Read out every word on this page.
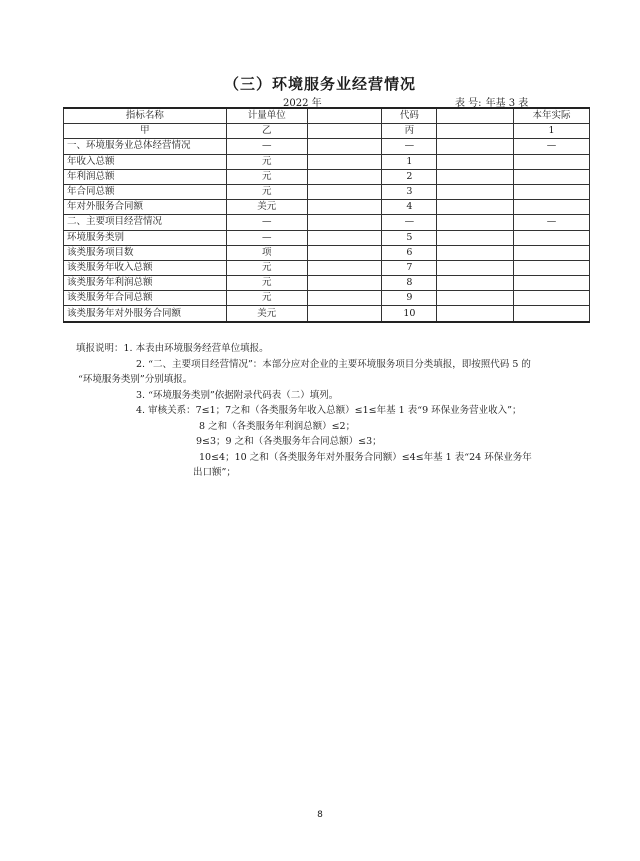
（三）环境服务业经营情况
2022 年	表 号: 年基 3 表
指标名称	计量单位		代码		本年实际
甲	乙		丙		1
一、环境服务业总体经营情况	—		—		—
年收入总额	元		1		
年利润总额	元		2		
年合同总额	元		3		
年对外服务合同额	美元		4		
二、主要项目经营情况	—		—		—
环境服务类别	—		5		
该类服务项目数	项		6		
该类服务年收入总额	元		7		
该类服务年利润总额	元		8		
该类服务年合同总额	元		9		
该类服务年对外服务合同额	美元		10		
填报说明：1. 本表由环境服务经营单位填报。
2. “二、主要项目经营情况”：本部分应对企业的主要环境服务项目分类填报，即按照代码 5 的
“环境服务类别”分别填报。
3. “环境服务类别”依据附录代码表（二）填列。
4. 审核关系：7≤1；7之和（各类服务年收入总额）≤1≤年基 1 表“9 环保业务营业收入”；
8 之和（各类服务年利润总额）≤2；
9≤3；9 之和（各类服务年合同总额）≤3；
10≤4；10 之和（各类服务年对外服务合同额）≤4≤年基 1 表“24 环保业务年
出口额”；
8
